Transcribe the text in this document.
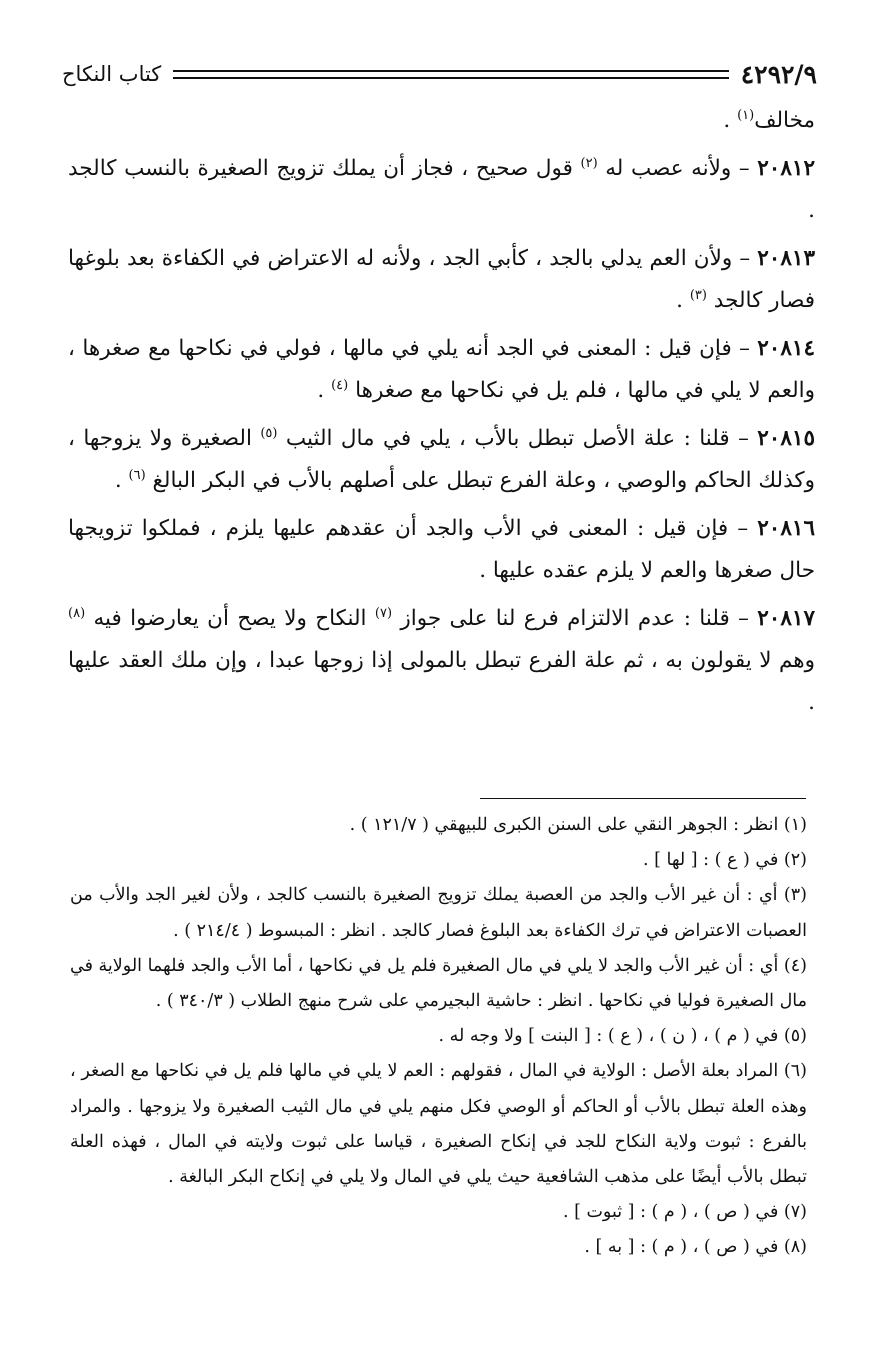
٤٢٩٢/٩
كتاب النكاح

مخالف$^{(١)}$ .

٢٠٨١٢ – ولأنه عصب له $^{(٢)}$ قول صحيح ، فجاز أن يملك تزويج الصغيرة بالنسب كالجد .

٢٠٨١٣ – ولأن العم يدلي بالجد ، كأبي الجد ، ولأنه له الاعتراض في الكفاءة بعد بلوغها فصار كالجد $^{(٣)}$ .

٢٠٨١٤ – فإن قيل : المعنى في الجد أنه يلي في مالها ، فولي في نكاحها مع صغرها ، والعم لا يلي في مالها ، فلم يل في نكاحها مع صغرها $^{(٤)}$ .

٢٠٨١٥ – قلنا : علة الأصل تبطل بالأب ، يلي في مال الثيب $^{(٥)}$ الصغيرة ولا يزوجها ، وكذلك الحاكم والوصي ، وعلة الفرع تبطل على أصلهم بالأب في البكر البالغ $^{(٦)}$ .

٢٠٨١٦ – فإن قيل : المعنى في الأب والجد أن عقدهم عليها يلزم ، فملكوا تزويجها حال صغرها والعم لا يلزم عقده عليها .

٢٠٨١٧ – قلنا : عدم الالتزام فرع لنا على جواز $^{(٧)}$ النكاح ولا يصح أن يعارضوا فيه $^{(٨)}$ وهم لا يقولون به ، ثم علة الفرع تبطل بالمولى إذا زوجها عبدا ، وإن ملك العقد عليها .

(١) انظر : الجوهر النقي على السنن الكبرى للبيهقي ( ١٢١/٧ ) .

(٢) في ( ع ) : [ لها ] .

(٣) أي : أن غير الأب والجد من العصبة يملك تزويج الصغيرة بالنسب كالجد ، ولأن لغير الجد والأب من العصبات الاعتراض في ترك الكفاءة بعد البلوغ فصار كالجد . انظر : المبسوط ( ٢١٤/٤ ) .

(٤) أي : أن غير الأب والجد لا يلي في مال الصغيرة فلم يل في نكاحها ، أما الأب والجد فلهما الولاية في مال الصغيرة فوليا في نكاحها . انظر : حاشية البجيرمي على شرح منهج الطلاب ( ٣٤٠/٣ ) .

(٥) في ( م ) ، ( ن ) ، ( ع ) : [ البنت ] ولا وجه له .

(٦) المراد بعلة الأصل : الولاية في المال ، فقولهم : العم لا يلي في مالها فلم يل في نكاحها مع الصغر ، وهذه العلة تبطل بالأب أو الحاكم أو الوصي فكل منهم يلي في مال الثيب الصغيرة ولا يزوجها . والمراد بالفرع : ثبوت ولاية النكاح للجد في إنكاح الصغيرة ، قياسا على ثبوت ولايته في المال ، فهذه العلة تبطل بالأب أيضًا على مذهب الشافعية حيث يلي في المال ولا يلي في إنكاح البكر البالغة .

(٧) في ( ص ) ، ( م ) : [ ثبوت ] .

(٨) في ( ص ) ، ( م ) : [ به ] .
